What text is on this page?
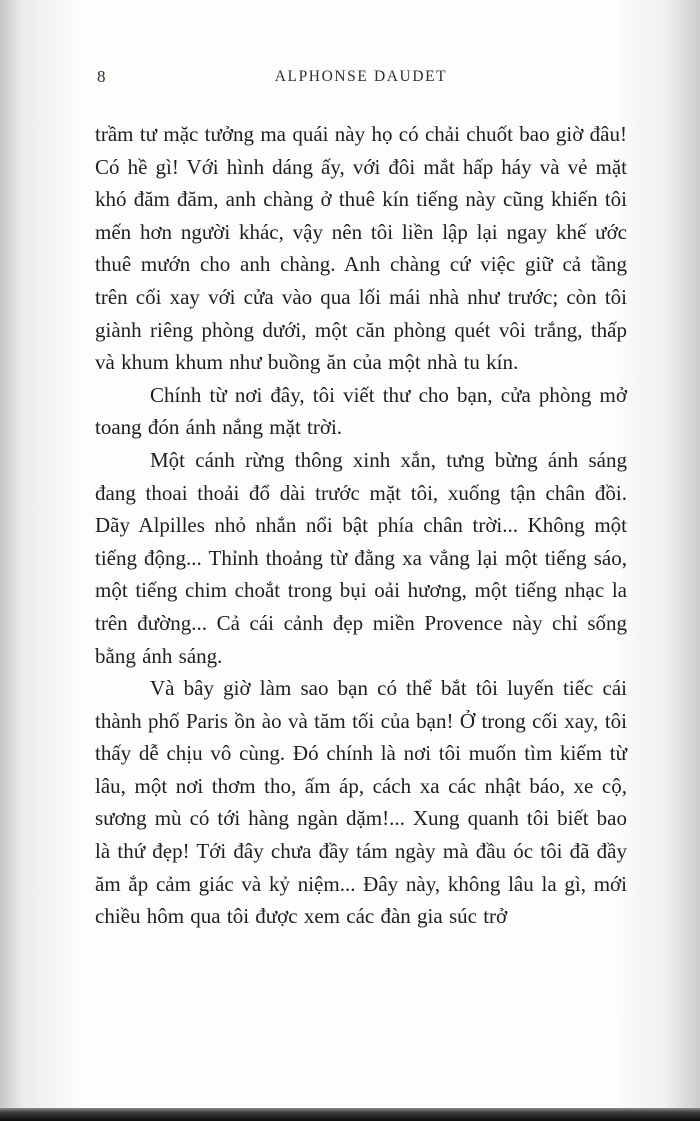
8	ALPHONSE DAUDET

trầm tư mặc tưởng ma quái này họ có chải chuốt bao giờ đâu! Có hề gì! Với hình dáng ấy, với đôi mắt hấp háy và vẻ mặt khó đăm đăm, anh chàng ở thuê kín tiếng này cũng khiến tôi mến hơn người khác, vậy nên tôi liền lập lại ngay khế ước thuê mướn cho anh chàng. Anh chàng cứ việc giữ cả tầng trên cối xay với cửa vào qua lối mái nhà như trước; còn tôi giành riêng phòng dưới, một căn phòng quét vôi trắng, thấp và khum khum như buồng ăn của một nhà tu kín.

Chính từ nơi đây, tôi viết thư cho bạn, cửa phòng mở toang đón ánh nắng mặt trời.

Một cánh rừng thông xinh xắn, tưng bừng ánh sáng đang thoai thoải đổ dài trước mặt tôi, xuống tận chân đồi. Dãy Alpilles nhỏ nhắn nổi bật phía chân trời... Không một tiếng động... Thỉnh thoảng từ đằng xa vẳng lại một tiếng sáo, một tiếng chim choắt trong bụi oải hương, một tiếng nhạc la trên đường... Cả cái cảnh đẹp miền Provence này chỉ sống bằng ánh sáng.

Và bây giờ làm sao bạn có thể bắt tôi luyến tiếc cái thành phố Paris ồn ào và tăm tối của bạn! Ở trong cối xay, tôi thấy dễ chịu vô cùng. Đó chính là nơi tôi muốn tìm kiếm từ lâu, một nơi thơm tho, ấm áp, cách xa các nhật báo, xe cộ, sương mù có tới hàng ngàn dặm!... Xung quanh tôi biết bao là thứ đẹp! Tới đây chưa đầy tám ngày mà đầu óc tôi đã đầy ăm ắp cảm giác và kỷ niệm... Đây này, không lâu la gì, mới chiều hôm qua tôi được xem các đàn gia súc trở
